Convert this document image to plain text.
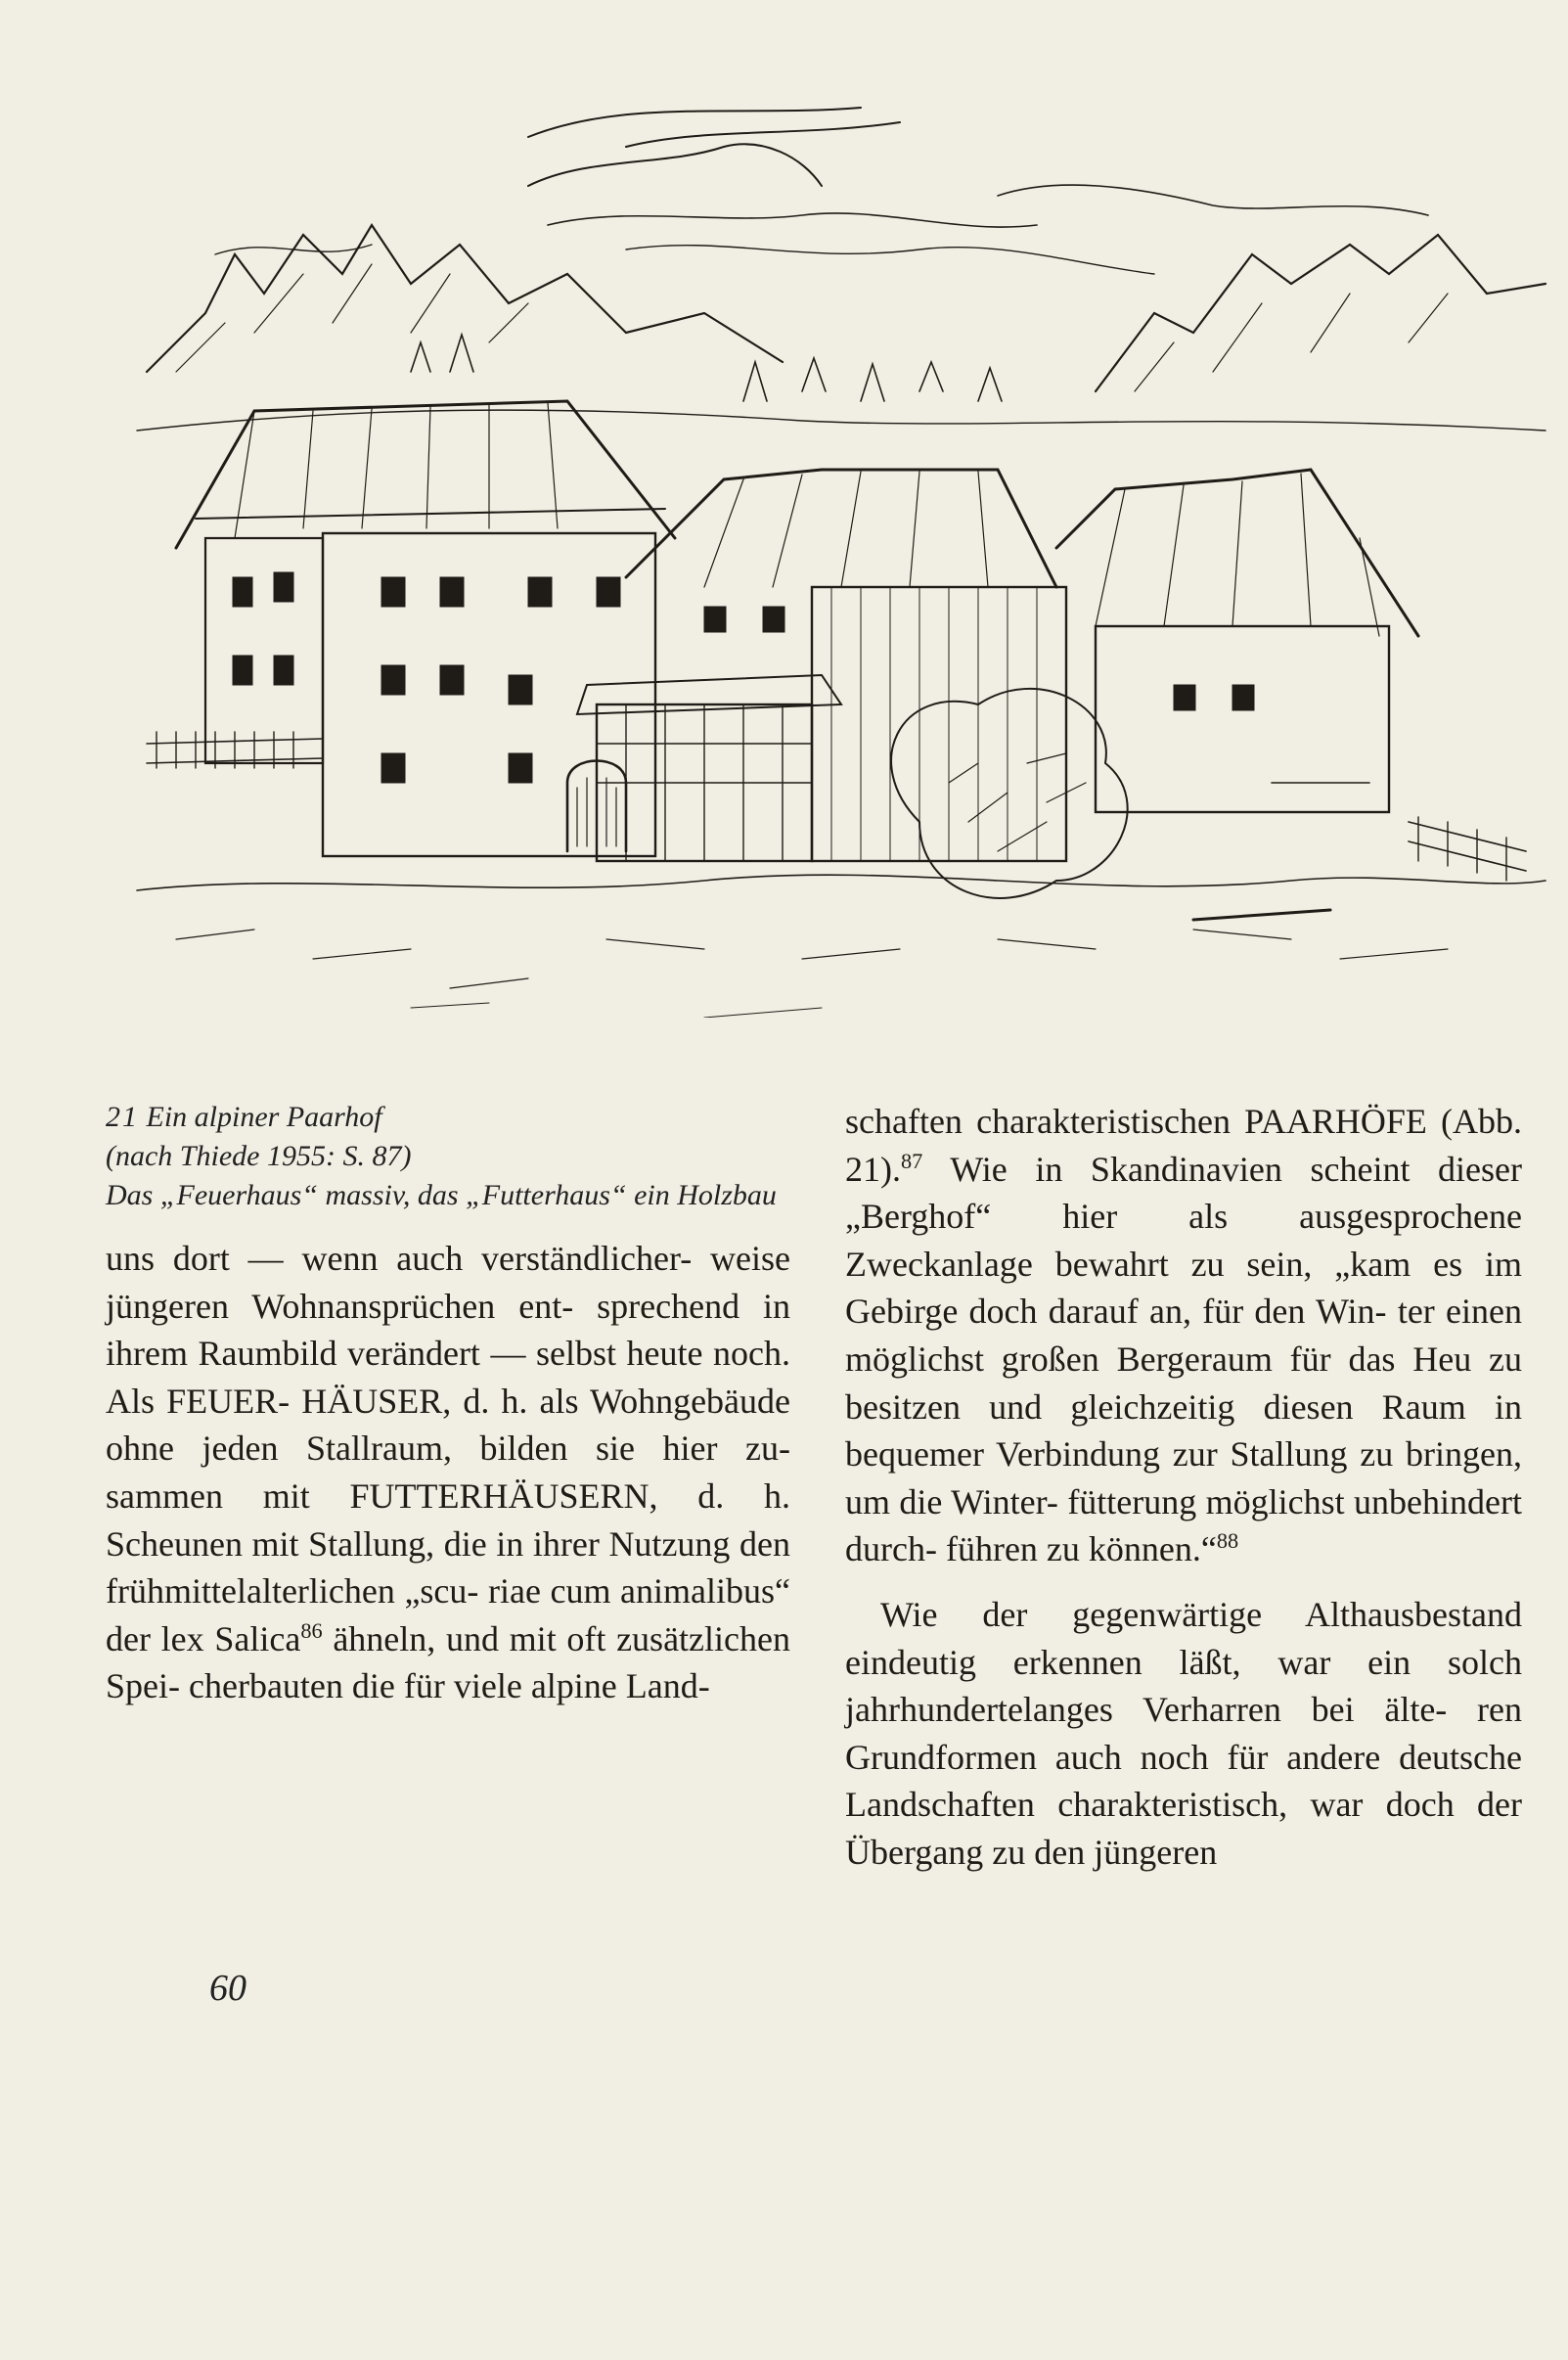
21 Ein alpiner Paarhof

(nach Thiede 1955: S. 87)

Das „Feuerhaus“ massiv, das „Futterhaus“ ein Holzbau

uns dort — wenn auch verständlicher- weise jüngeren Wohnansprüchen ent- sprechend in ihrem Raumbild verändert — selbst heute noch. Als FEUER- HÄUSER, d. h. als Wohngebäude ohne jeden Stallraum, bilden sie hier zu- sammen mit FUTTERHÄUSERN, d. h. Scheunen mit Stallung, die in ihrer Nutzung den frühmittelalterlichen „scu- riae cum animalibus“ der lex Salica$^{86}$ ähneln, und mit oft zusätzlichen Spei- cherbauten die für viele alpine Land-

schaften charakteristischen PAARHÖFE (Abb. 21).$^{87}$ Wie in Skandinavien scheint dieser „Berghof“ hier als ausgesprochene Zweckanlage bewahrt zu sein, „kam es im Gebirge doch darauf an, für den Win- ter einen möglichst großen Bergeraum für das Heu zu besitzen und gleichzeitig diesen Raum in bequemer Verbindung zur Stallung zu bringen, um die Winter- fütterung möglichst unbehindert durch- führen zu können.“$^{88}$

Wie der gegenwärtige Althausbestand eindeutig erkennen läßt, war ein solch jahrhundertelanges Verharren bei älte- ren Grundformen auch noch für andere deutsche Landschaften charakteristisch, war doch der Übergang zu den jüngeren

60
